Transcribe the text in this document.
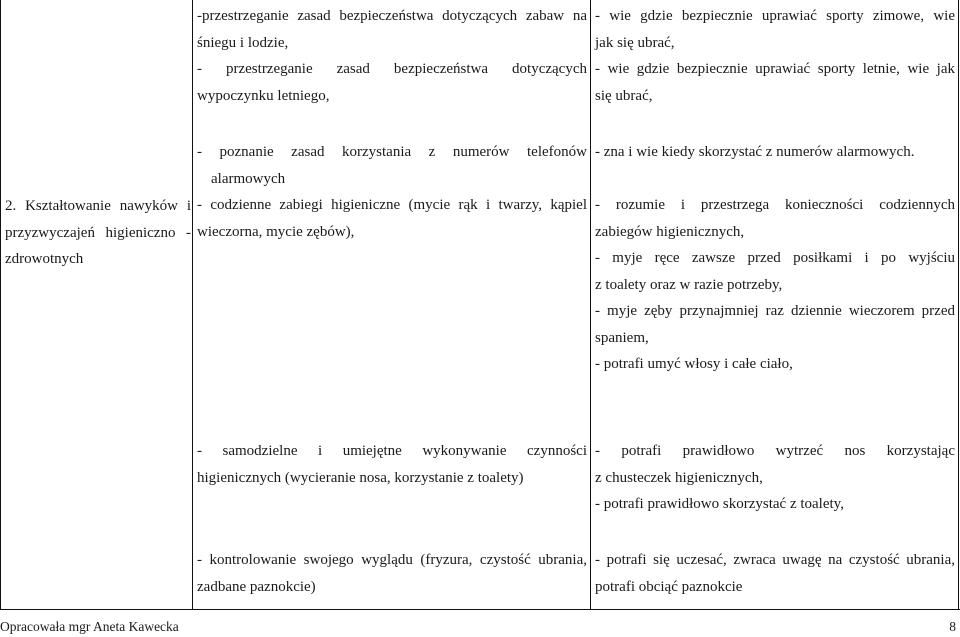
-przestrzeganie zasad bezpieczeństwa dotyczących zabaw na
śniegu i lodzie,
- przestrzeganie zasad bezpieczeństwa dotyczących
wypoczynku letniego,
- wie gdzie bezpiecznie uprawiać sporty zimowe, wie
jak się ubrać,
- wie gdzie bezpiecznie uprawiać sporty letnie, wie jak
się ubrać,
2. Kształtowanie nawyków i
przyzwyczajeń higieniczno -
zdrowotnych
- poznanie zasad korzystania z numerów telefonów
alarmowych
- codzienne zabiegi higieniczne (mycie rąk i twarzy, kąpiel
wieczorna, mycie zębów),
- zna i wie kiedy skorzystać z numerów alarmowych.

- rozumie i przestrzega konieczności codziennych
zabiegów higienicznych,
- myje ręce zawsze przed posiłkami i po wyjściu
z toalety oraz w razie potrzeby,
- myje zęby przynajmniej raz dziennie wieczorem przed
spaniem,
- potrafi umyć włosy i całe ciało,
- samodzielne i umiejętne wykonywanie czynności
higienicznych (wycieranie nosa, korzystanie z toalety)
- potrafi prawidłowo wytrzeć nos korzystając
z chusteczek higienicznych,
- potrafi prawidłowo skorzystać z toalety,
- kontrolowanie swojego wyglądu (fryzura, czystość ubrania,
zadbane paznokcie)
- potrafi się uczesać, zwraca uwagę na czystość ubrania,
potrafi obciąć paznokcie
Opracowała mgr Aneta Kawecka	8
